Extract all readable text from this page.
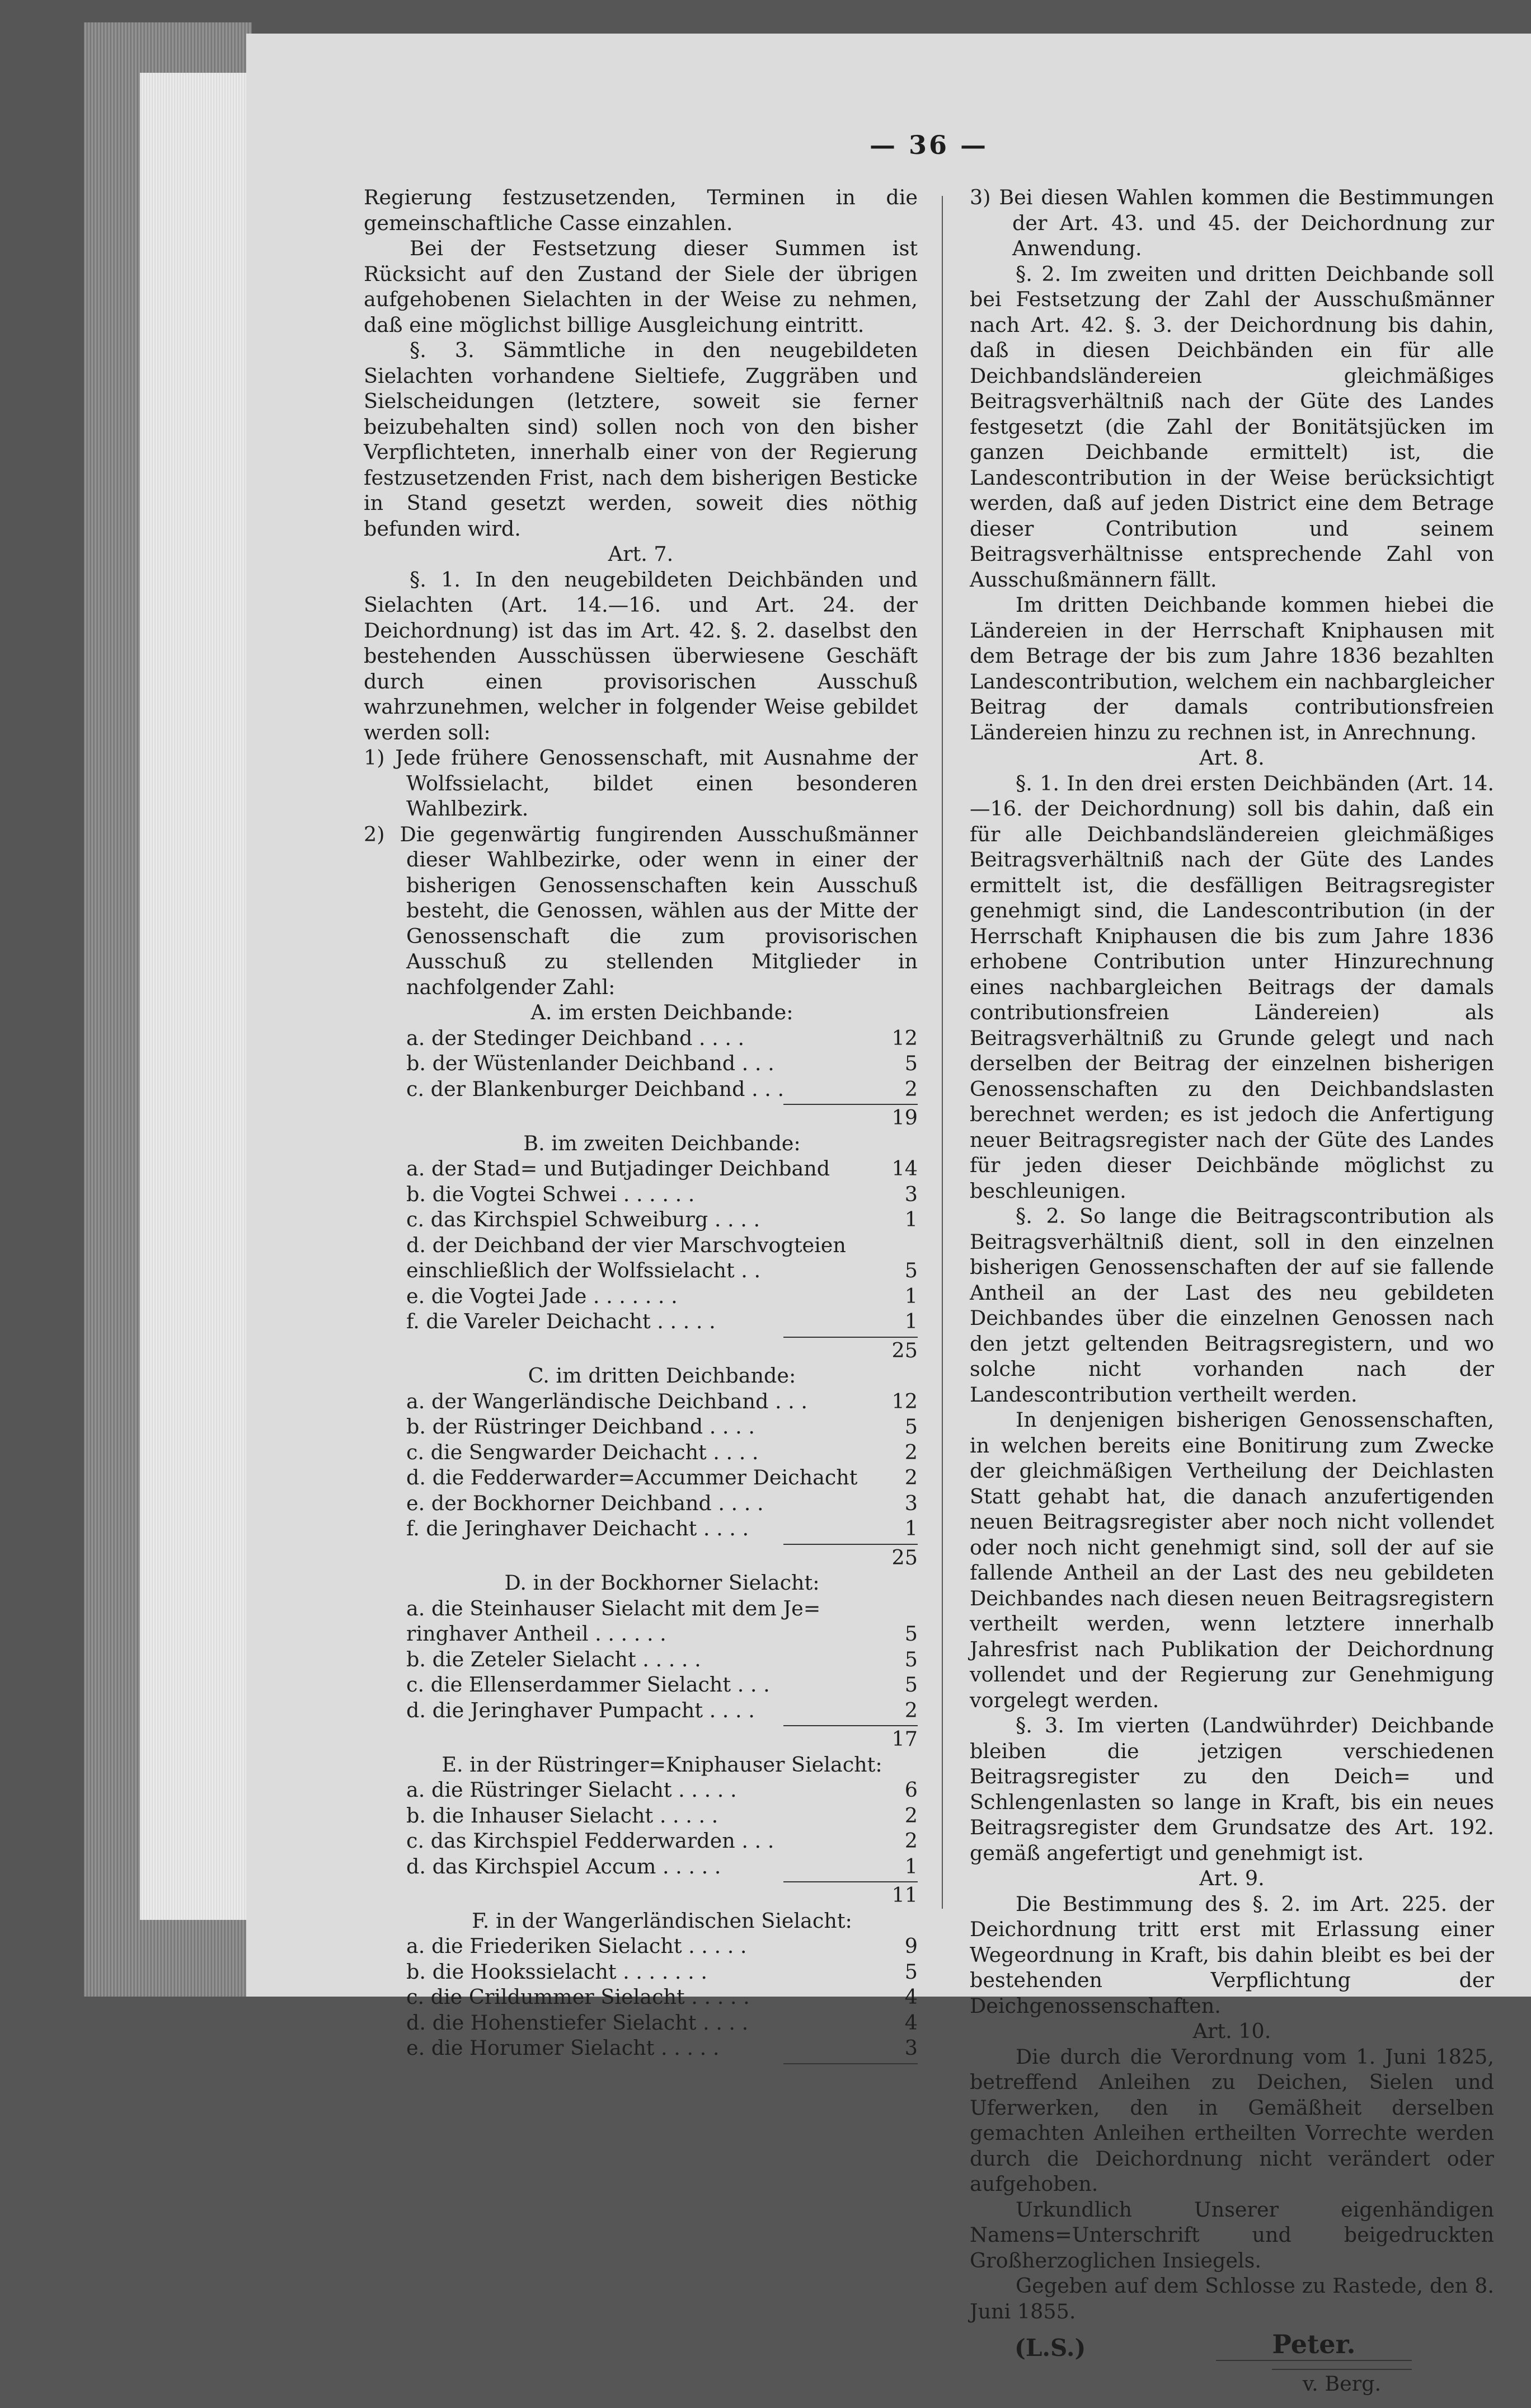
— 36 —
Regierung festzusetzenden, Terminen in die gemeinschaftliche Casse einzahlen.
Bei der Festsetzung dieser Summen ist Rücksicht auf den Zustand der Siele der übrigen aufgehobenen Sielachten in der Weise zu nehmen, daß eine möglichst billige Ausgleichung eintritt.
§. 3. Sämmtliche in den neugebildeten Sielachten vorhandene Sieltiefe, Zuggräben und Sielscheidungen (letztere, soweit sie ferner beizubehalten sind) sollen noch von den bisher Verpflichteten, innerhalb einer von der Regierung festzusetzenden Frist, nach dem bisherigen Besticke in Stand gesetzt werden, soweit dies nöthig befunden wird.
Art. 7.
§. 1. In den neugebildeten Deichbänden und Sielachten (Art. 14.—16. und Art. 24. der Deichordnung) ist das im Art. 42. §. 2. daselbst den bestehenden Ausschüssen überwiesene Geschäft durch einen provisorischen Ausschuß wahrzunehmen, welcher in folgender Weise gebildet werden soll:
1) Jede frühere Genossenschaft, mit Ausnahme der Wolfssielacht, bildet einen besonderen Wahlbezirk.
2) Die gegenwärtig fungirenden Ausschußmänner dieser Wahlbezirke, oder wenn in einer der bisherigen Genossenschaften kein Ausschuß besteht, die Genossen, wählen aus der Mitte der Genossenschaft die zum provisorischen Ausschuß zu stellenden Mitglieder in nachfolgender Zahl:
A. im ersten Deichbande:
a. der Stedinger Deichband . . . .	12
b. der Wüstenlander Deichband . . .	5
c. der Blankenburger Deichband . . .	2
19
B. im zweiten Deichbande:
a. der Stad= und Butjadinger Deichband	14
b. die Vogtei Schwei . . . . . .	3
c. das Kirchspiel Schweiburg . . . .	1
d. der Deichband der vier Marschvogteien
einschließlich der Wolfssielacht . .	5
e. die Vogtei Jade . . . . . . .	1
f. die Vareler Deichacht . . . . .	1
25
C. im dritten Deichbande:
a. der Wangerländische Deichband . . .	12
b. der Rüstringer Deichband . . . .	5
c. die Sengwarder Deichacht . . . .	2
d. die Fedderwarder=Accummer Deichacht	2
e. der Bockhorner Deichband . . . .	3
f. die Jeringhaver Deichacht . . . .	1
25
D. in der Bockhorner Sielacht:
a. die Steinhauser Sielacht mit dem Je=
ringhaver Antheil . . . . . .	5
b. die Zeteler Sielacht . . . . .	5
c. die Ellenserdammer Sielacht . . .	5
d. die Jeringhaver Pumpacht . . . .	2
17
E. in der Rüstringer=Kniphauser Sielacht:
a. die Rüstringer Sielacht . . . . .	6
b. die Inhauser Sielacht . . . . .	2
c. das Kirchspiel Fedderwarden . . .	2
d. das Kirchspiel Accum . . . . .	1
11
F. in der Wangerländischen Sielacht:
a. die Friederiken Sielacht . . . . .	9
b. die Hookssielacht . . . . . . .	5
c. die Crildummer Sielacht . . . . .	4
d. die Hohenstiefer Sielacht . . . .	4
e. die Horumer Sielacht . . . . .	3
3) Bei diesen Wahlen kommen die Bestimmungen der Art. 43. und 45. der Deichordnung zur Anwendung.
§. 2. Im zweiten und dritten Deichbande soll bei Festsetzung der Zahl der Ausschußmänner nach Art. 42. §. 3. der Deichordnung bis dahin, daß in diesen Deichbänden ein für alle Deichbandsländereien gleichmäßiges Beitragsverhältniß nach der Güte des Landes festgesetzt (die Zahl der Bonitätsjücken im ganzen Deichbande ermittelt) ist, die Landescontribution in der Weise berücksichtigt werden, daß auf jeden District eine dem Betrage dieser Contribution und seinem Beitragsverhältnisse entsprechende Zahl von Ausschußmännern fällt.
Im dritten Deichbande kommen hiebei die Ländereien in der Herrschaft Kniphausen mit dem Betrage der bis zum Jahre 1836 bezahlten Landescontribution, welchem ein nachbargleicher Beitrag der damals contributionsfreien Ländereien hinzu zu rechnen ist, in Anrechnung.
Art. 8.
§. 1. In den drei ersten Deichbänden (Art. 14.—16. der Deichordnung) soll bis dahin, daß ein für alle Deichbandsländereien gleichmäßiges Beitragsverhältniß nach der Güte des Landes ermittelt ist, die desfälligen Beitragsregister genehmigt sind, die Landescontribution (in der Herrschaft Kniphausen die bis zum Jahre 1836 erhobene Contribution unter Hinzurechnung eines nachbargleichen Beitrags der damals contributionsfreien Ländereien) als Beitragsverhältniß zu Grunde gelegt und nach derselben der Beitrag der einzelnen bisherigen Genossenschaften zu den Deichbandslasten berechnet werden; es ist jedoch die Anfertigung neuer Beitragsregister nach der Güte des Landes für jeden dieser Deichbände möglichst zu beschleunigen.
§. 2. So lange die Beitragscontribution als Beitragsverhältniß dient, soll in den einzelnen bisherigen Genossenschaften der auf sie fallende Antheil an der Last des neu gebildeten Deichbandes über die einzelnen Genossen nach den jetzt geltenden Beitragsregistern, und wo solche nicht vorhanden nach der Landescontribution vertheilt werden.
In denjenigen bisherigen Genossenschaften, in welchen bereits eine Bonitirung zum Zwecke der gleichmäßigen Vertheilung der Deichlasten Statt gehabt hat, die danach anzufertigenden neuen Beitragsregister aber noch nicht vollendet oder noch nicht genehmigt sind, soll der auf sie fallende Antheil an der Last des neu gebildeten Deichbandes nach diesen neuen Beitragsregistern vertheilt werden, wenn letztere innerhalb Jahresfrist nach Publikation der Deichordnung vollendet und der Regierung zur Genehmigung vorgelegt werden.
§. 3. Im vierten (Landwührder) Deichbande bleiben die jetzigen verschiedenen Beitragsregister zu den Deich= und Schlengenlasten so lange in Kraft, bis ein neues Beitragsregister dem Grundsatze des Art. 192. gemäß angefertigt und genehmigt ist.
Art. 9.
Die Bestimmung des §. 2. im Art. 225. der Deichordnung tritt erst mit Erlassung einer Wegeordnung in Kraft, bis dahin bleibt es bei der bestehenden Verpflichtung der Deichgenossenschaften.
Art. 10.
Die durch die Verordnung vom 1. Juni 1825, betreffend Anleihen zu Deichen, Sielen und Uferwerken, den in Gemäßheit derselben gemachten Anleihen ertheilten Vorrechte werden durch die Deichordnung nicht verändert oder aufgehoben.
Urkundlich Unserer eigenhändigen Namens=Unterschrift und beigedruckten Großherzoglichen Insiegels.
Gegeben auf dem Schlosse zu Rastede, den 8. Juni 1855.
(L.S.)	Peter.
v. Berg.
